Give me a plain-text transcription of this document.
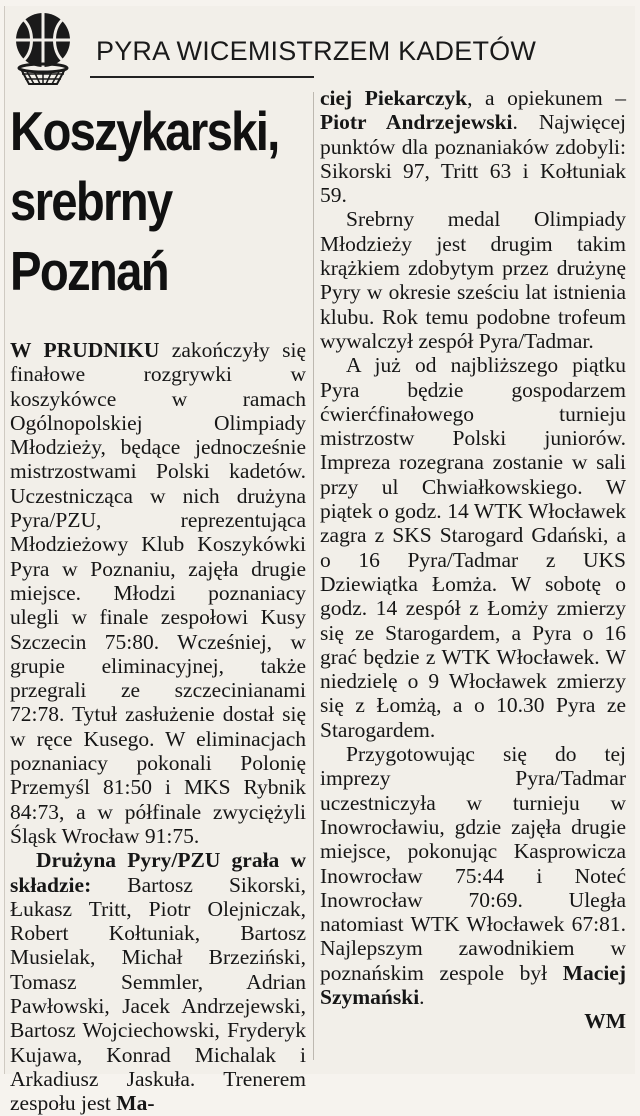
PYRA WICEMISTRZEM KADETÓW
Koszykarski,
srebrny
Poznań

W PRUDNIKU zakończyły się finałowe rozgrywki w koszykówce w ramach Ogólnopolskiej Olimpiady Młodzieży, będące jednocześnie mistrzostwami Polski kadetów. Uczestnicząca w nich drużyna Pyra/PZU, reprezentująca Młodzieżowy Klub Koszykówki Pyra w Poznaniu, zajęła drugie miejsce. Młodzi poznaniacy ulegli w finale zespołowi Kusy Szczecin 75:80. Wcześniej, w grupie eliminacyjnej, także przegrali ze szczecinianami 72:78. Tytuł zasłużenie dostał się w ręce Kusego. W eliminacjach poznaniacy pokonali Polonię Przemyśl 81:50 i MKS Rybnik 84:73, a w półfinale zwyciężyli Śląsk Wrocław 91:75.

Drużyna Pyry/PZU grała w składzie: Bartosz Sikorski, Łukasz Tritt, Piotr Olejniczak, Robert Kołtuniak, Bartosz Musielak, Michał Brzeziński, Tomasz Semmler, Adrian Pawłowski, Jacek Andrzejewski, Bartosz Wojciechowski, Fryderyk Kujawa, Konrad Michalak i Arkadiusz Jaskuła. Trenerem zespołu jest Ma-

ciej Piekarczyk, a opiekunem – Piotr Andrzejewski. Najwięcej punktów dla poznaniaków zdobyli: Sikorski 97, Tritt 63 i Kołtuniak 59.

Srebrny medal Olimpiady Młodzieży jest drugim takim krążkiem zdobytym przez drużynę Pyry w okresie sześciu lat istnienia klubu. Rok temu podobne trofeum wywalczył zespół Pyra/Tadmar.

A już od najbliższego piątku Pyra będzie gospodarzem ćwierćfinałowego turnieju mistrzostw Polski juniorów. Impreza rozegrana zostanie w sali przy ul Chwiałkowskiego. W piątek o godz. 14 WTK Włocławek zagra z SKS Starogard Gdański, a o 16 Pyra/Tadmar z UKS Dziewiątka Łomża. W sobotę o godz. 14 zespół z Łomży zmierzy się ze Starogardem, a Pyra o 16 grać będzie z WTK Włocławek. W niedzielę o 9 Włocławek zmierzy się z Łomżą, a o 10.30 Pyra ze Starogardem.

Przygotowując się do tej imprezy Pyra/Tadmar uczestniczyła w turnieju w Inowrocławiu, gdzie zajęła drugie miejsce, pokonując Kasprowicza Inowrocław 75:44 i Noteć Inowrocław 70:69. Uległa natomiast WTK Włocławek 67:81. Najlepszym zawodnikiem w poznańskim zespole był Maciej Szymański.

WM
